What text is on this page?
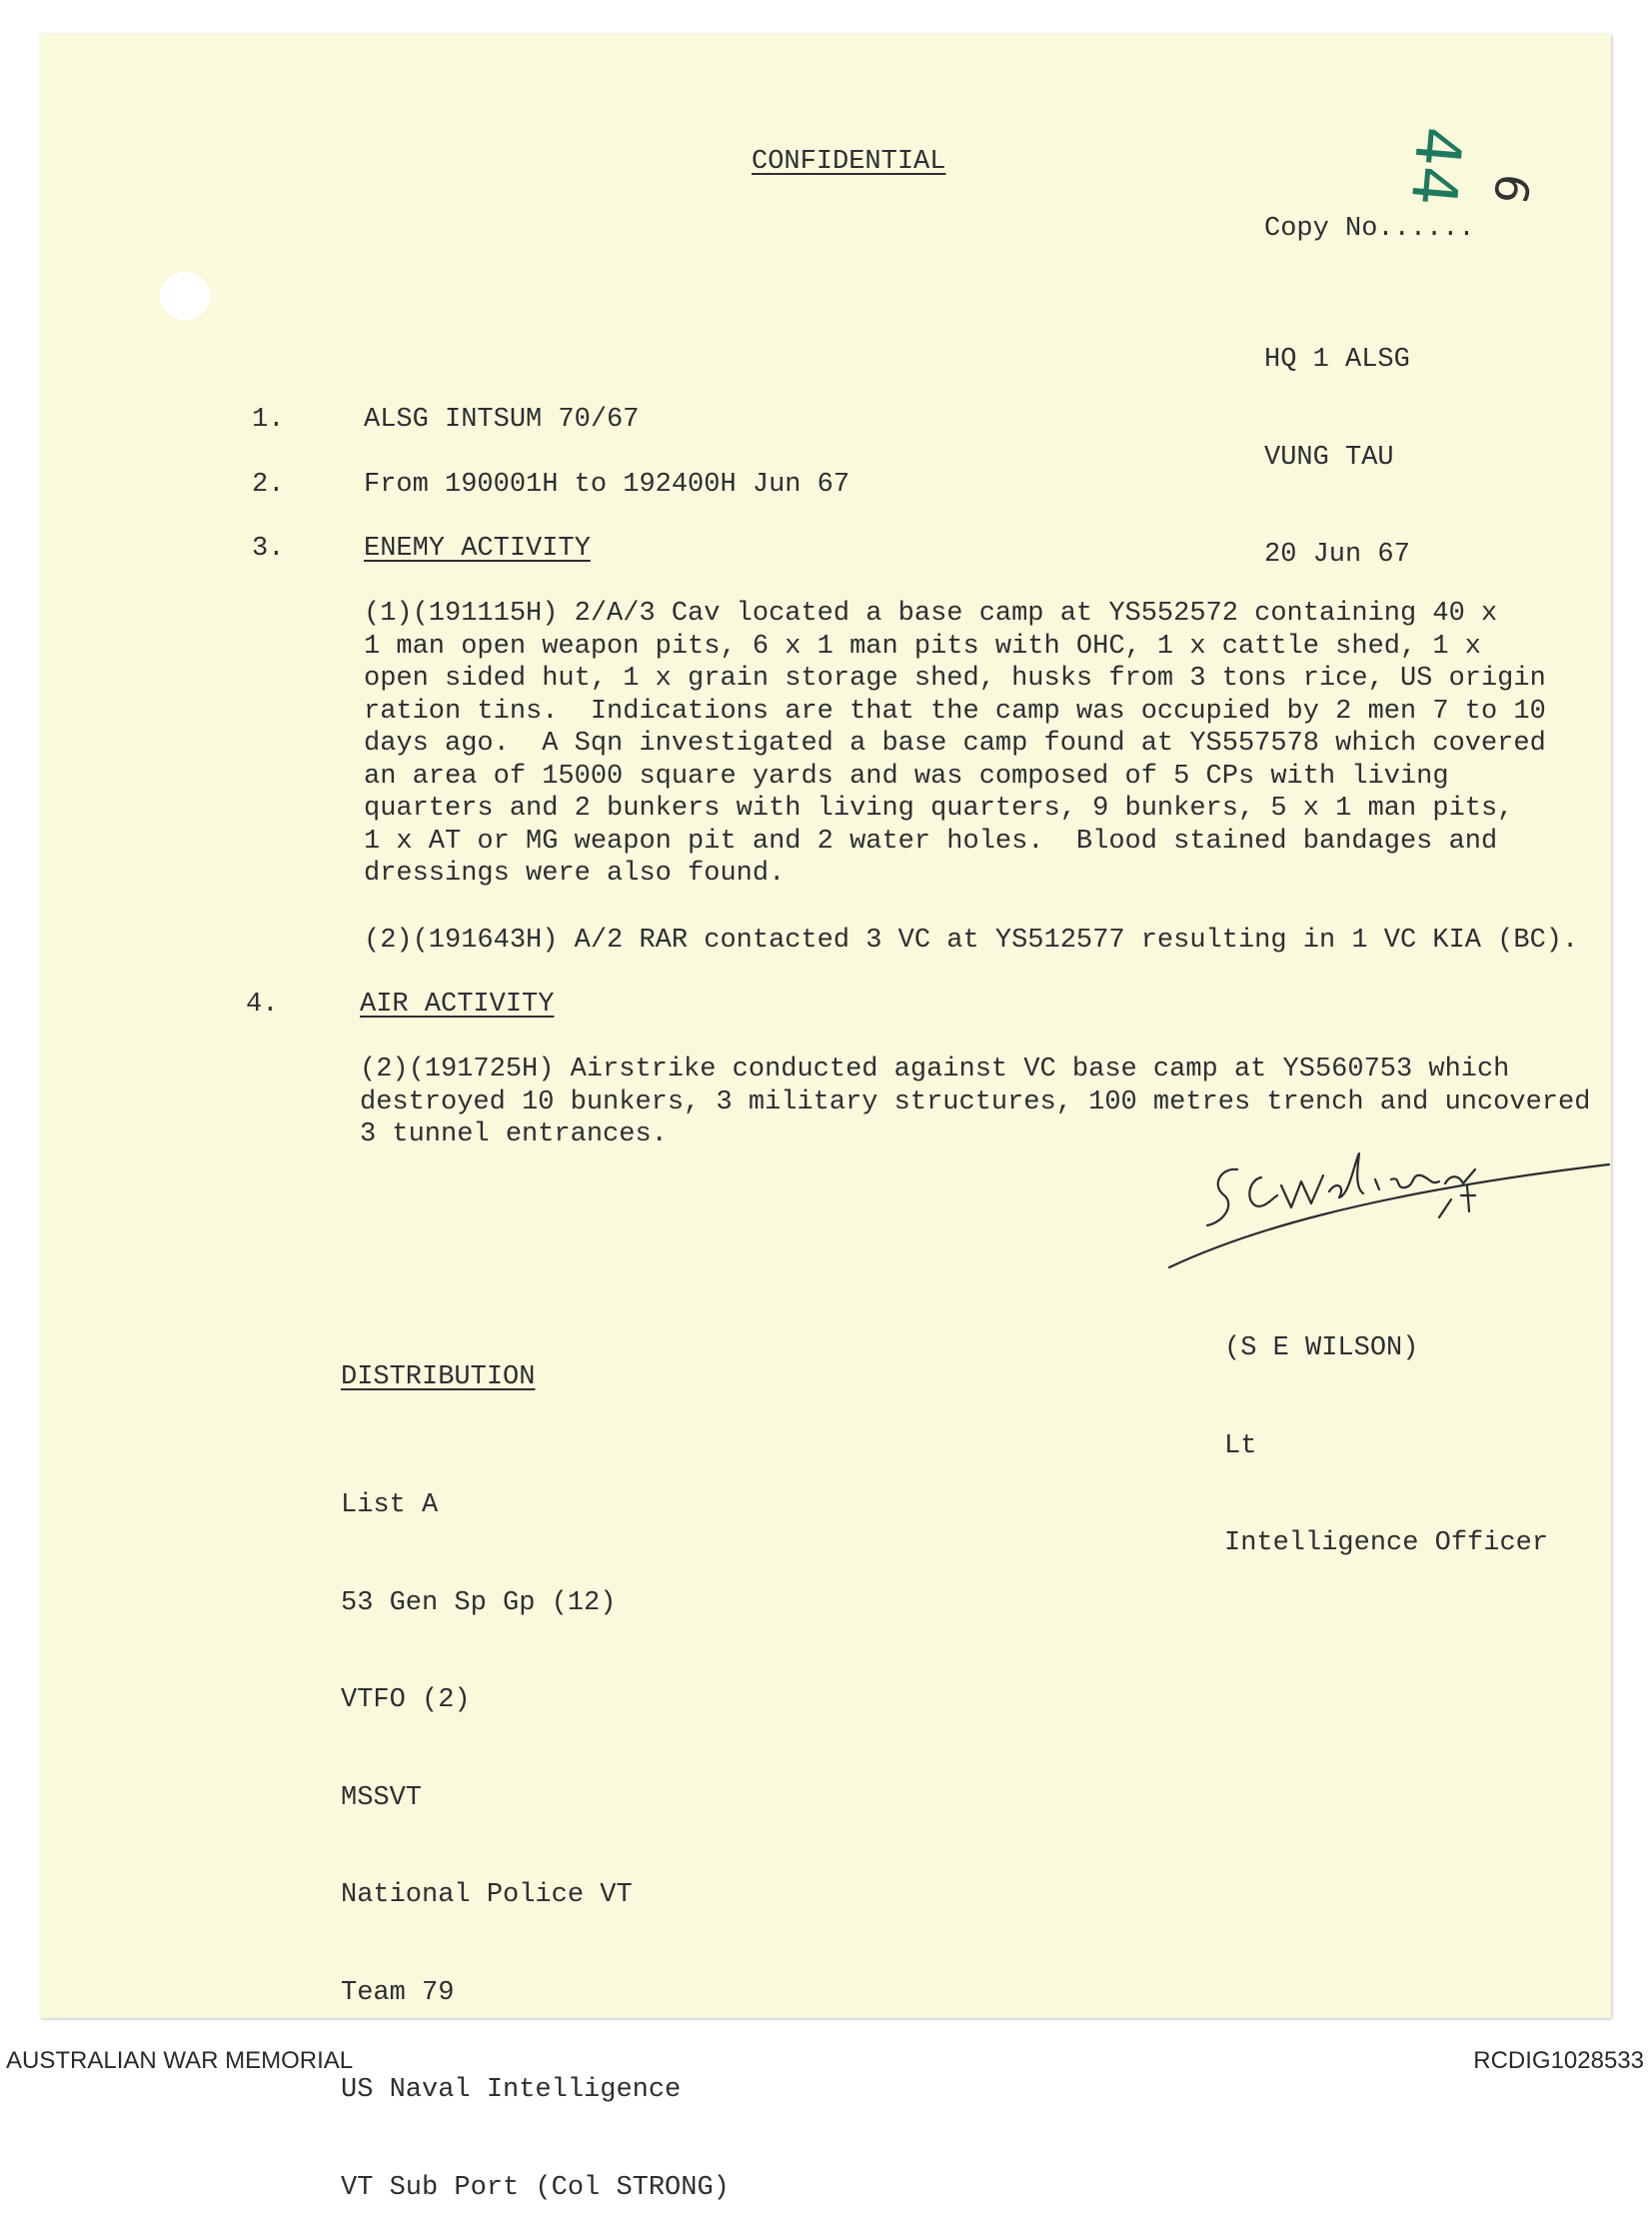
CONFIDENTIAL	44 6

Copy No......

HQ 1 ALSG

VUNG TAU

20 Jun 67

1.	ALSG INTSUM 70/67

2.	From 190001H to 192400H Jun 67

3.	ENEMY ACTIVITY

(1)(191115H) 2/A/3 Cav located a base camp at YS552572 containing 40 x
1 man open weapon pits, 6 x 1 man pits with OHC, 1 x cattle shed, 1 x
open sided hut, 1 x grain storage shed, husks from 3 tons rice, US origin
ration tins.  Indications are that the camp was occupied by 2 men 7 to 10
days ago.  A Sqn investigated a base camp found at YS557578 which covered
an area of 15000 square yards and was composed of 5 CPs with living
quarters and 2 bunkers with living quarters, 9 bunkers, 5 x 1 man pits,
1 x AT or MG weapon pit and 2 water holes.  Blood stained bandages and
dressings were also found.

(2)(191643H) A/2 RAR contacted 3 VC at YS512577 resulting in 1 VC KIA (BC).

4.	AIR ACTIVITY

(2)(191725H) Airstrike conducted against VC base camp at YS560753 which
destroyed 10 bunkers, 3 military structures, 100 metres trench and uncovered
3 tunnel entrances.

(S E WILSON)

Lt

Intelligence Officer

DISTRIBUTION

List A

53 Gen Sp Gp (12)

VTFO (2)

MSSVT

National Police VT

Team 79

US Naval Intelligence

VT Sub Port (Col STRONG)

AUSTRALIAN WAR MEMORIAL	RCDIG1028533
